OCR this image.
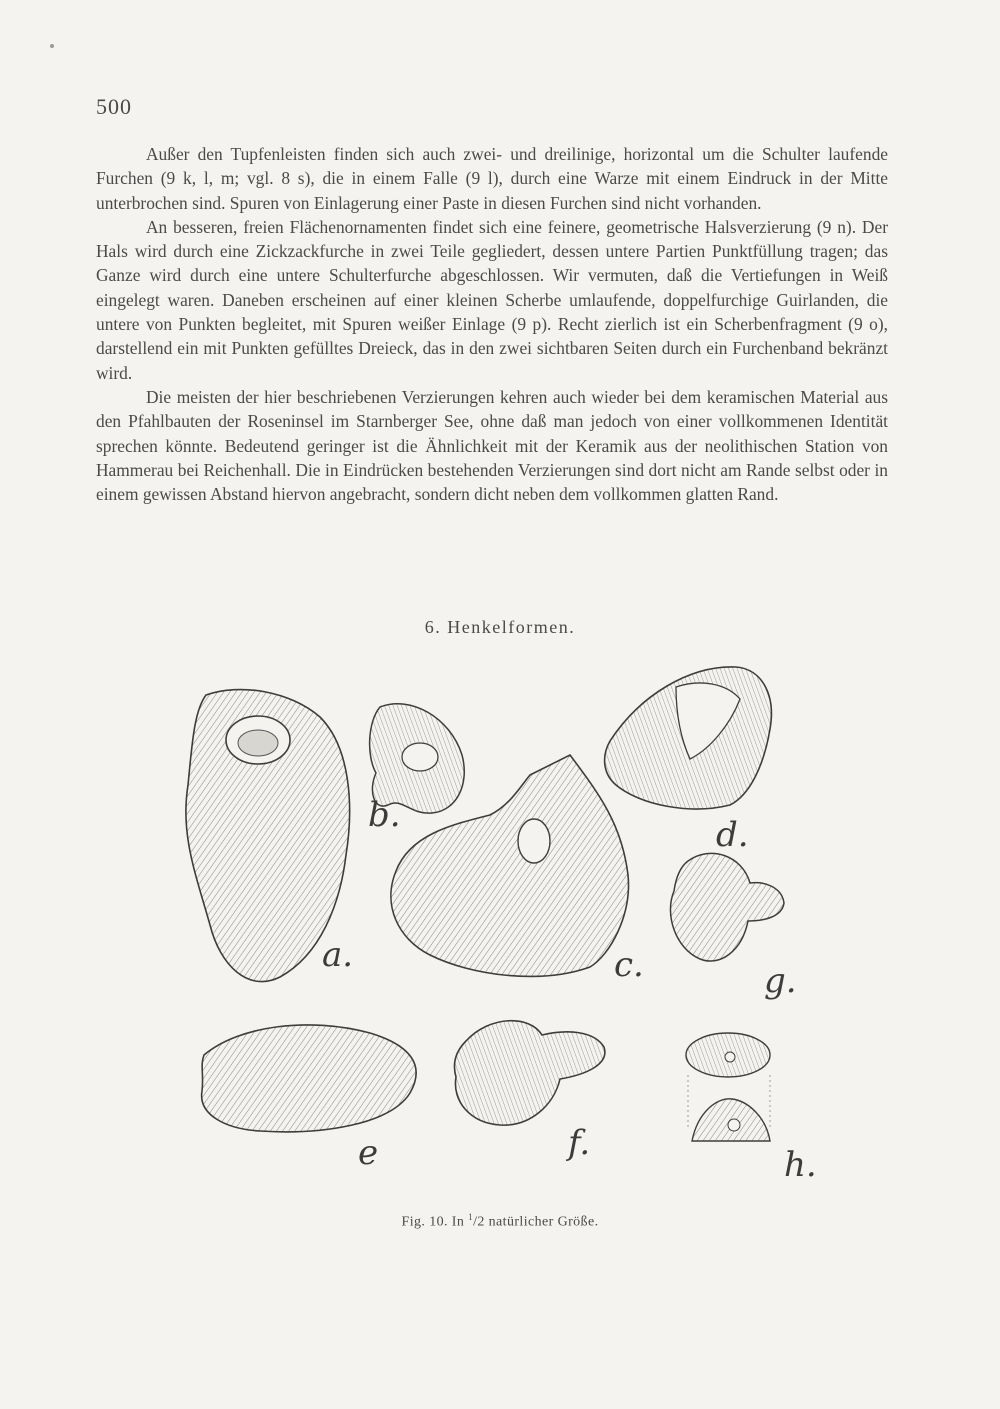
500

Außer den Tupfenleisten finden sich auch zwei- und dreilinige, horizontal um die Schulter laufende Furchen (9 k, l, m; vgl. 8 s), die in einem Falle (9 l), durch eine Warze mit einem Eindruck in der Mitte unterbrochen sind. Spuren von Einlagerung einer Paste in diesen Furchen sind nicht vorhanden.

An besseren, freien Flächenornamenten findet sich eine feinere, geometrische Halsverzierung (9 n). Der Hals wird durch eine Zickzackfurche in zwei Teile gegliedert, dessen untere Partien Punktfüllung tragen; das Ganze wird durch eine untere Schulterfurche abgeschlossen. Wir vermuten, daß die Vertiefungen in Weiß eingelegt waren. Daneben erscheinen auf einer kleinen Scherbe umlaufende, doppelfurchige Guirlanden, die untere von Punkten begleitet, mit Spuren weißer Einlage (9 p). Recht zierlich ist ein Scherbenfragment (9 o), darstellend ein mit Punkten gefülltes Dreieck, das in den zwei sichtbaren Seiten durch ein Furchenband bekränzt wird.

Die meisten der hier beschriebenen Verzierungen kehren auch wieder bei dem keramischen Material aus den Pfahlbauten der Roseninsel im Starnberger See, ohne daß man jedoch von einer vollkommenen Identität sprechen könnte. Bedeutend geringer ist die Ähnlichkeit mit der Keramik aus der neolithischen Station von Hammerau bei Reichenhall. Die in Eindrücken bestehenden Verzierungen sind dort nicht am Rande selbst oder in einem gewissen Abstand hiervon angebracht, sondern dicht neben dem vollkommen glatten Rand.

6. Henkelformen.
a.
b.
c.
d.
e	f.
g.
h.
Fig. 10. In $^1$/2 natürlicher Größe.
